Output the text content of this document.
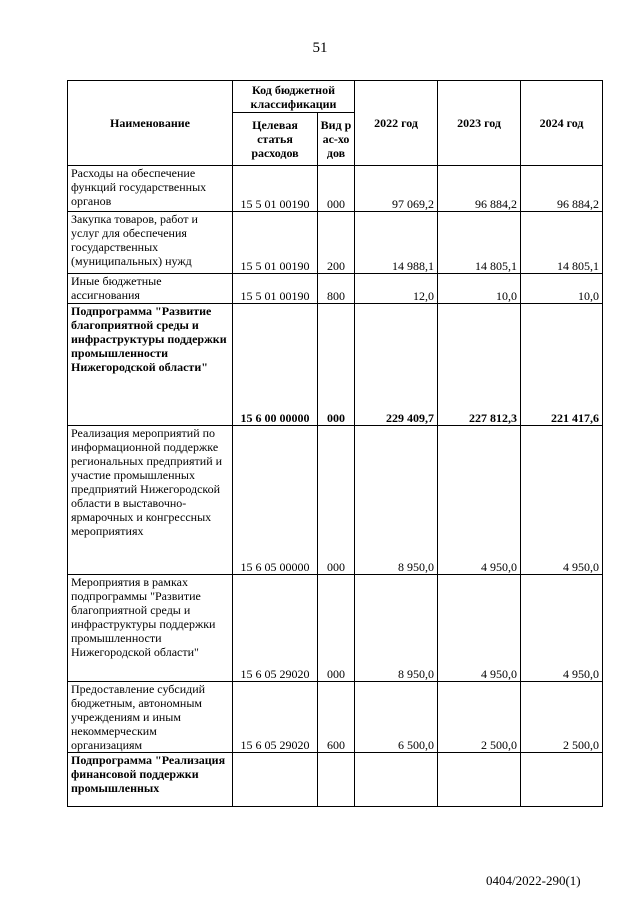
51
Наименование	Код бюджетной классификации		2022 год	2023 год	2024 год
	Целевая статья расходов	Вид рас-ходов			
Расходы на обеспечение функций государственных органов	15 5 01 00190	000	97 069,2	96 884,2	96 884,2
Закупка товаров, работ и услуг для обеспечения государственных (муниципальных) нужд	15 5 01 00190	200	14 988,1	14 805,1	14 805,1
Иные бюджетные ассигнования	15 5 01 00190	800	12,0	10,0	10,0
Подпрограмма "Развитие благоприятной среды и инфраструктуры поддержки промышленности Нижегородской области"	15 6 00 00000	000	229 409,7	227 812,3	221 417,6
Реализация мероприятий по информационной поддержке региональных предприятий и участие промышленных предприятий Нижегородской области в выставочно-ярмарочных и конгрессных мероприятиях	15 6 05 00000	000	8 950,0	4 950,0	4 950,0
Мероприятия в рамках подпрограммы "Развитие благоприятной среды и инфраструктуры поддержки промышленности Нижегородской области"	15 6 05 29020	000	8 950,0	4 950,0	4 950,0
Предоставление субсидий бюджетным, автономным учреждениям и иным некоммерческим организациям	15 6 05 29020	600	6 500,0	2 500,0	2 500,0
Подпрограмма "Реализация финансовой поддержки промышленных					
0404/2022-290(1)
